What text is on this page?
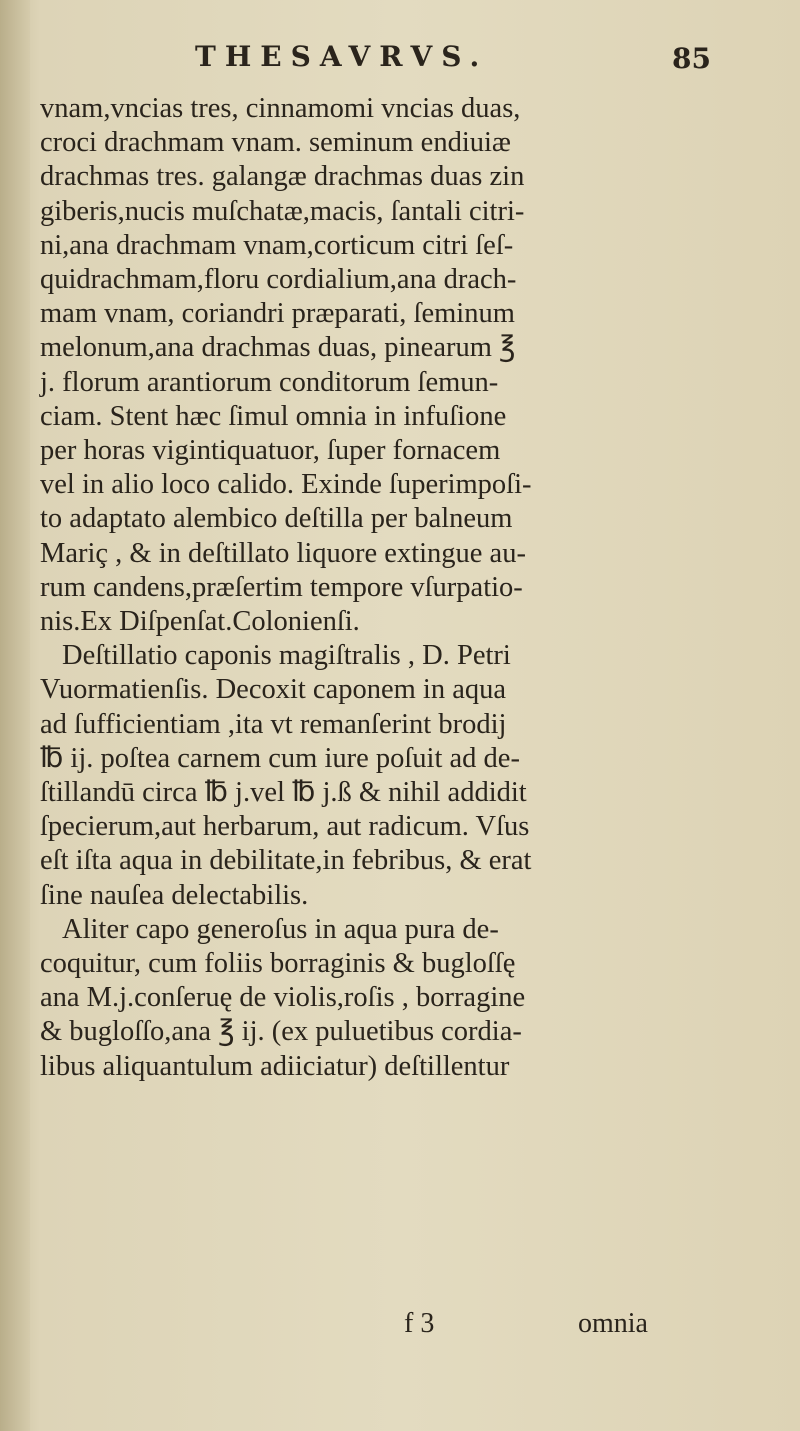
THESAVRVS.	85
vnam,vncias tres, cinnamomi vncias duas,
croci drachmam vnam. seminum endiuiæ
drachmas tres. galangæ drachmas duas zin
giberis,nucis muſchatæ,macis, ſantali citri-
ni,ana drachmam vnam,corticum citri ſeſ-
quidrachmam,floru cordialium,ana drach-
mam vnam, coriandri præparati, ſeminum
melonum,ana drachmas duas, pinearum ℥
j. florum arantiorum conditorum ſemun-
ciam. Stent hæc ſimul omnia in infuſione
per horas vigintiquatuor, ſuper fornacem
vel in alio loco calido. Exinde ſuperimpoſi-
to adaptato alembico deſtilla per balneum
Mariç , & in deſtillato liquore extingue au-
rum candens,præſertim tempore vſurpatio-
nis.Ex Diſpenſat.Colonienſi.
Deſtillatio caponis magiſtralis , D. Petri
Vuormatienſis. Decoxit caponem in aqua
ad ſufficientiam ,ita vt remanſerint brodij
℔ ij. poſtea carnem cum iure poſuit ad de-
ſtillandū circa ℔ j.vel ℔ j.ß & nihil addidit
ſpecierum,aut herbarum, aut radicum. Vſus
eſt iſta aqua in debilitate,in febribus, & erat
ſine nauſea delectabilis.
Aliter capo generoſus in aqua pura de-
coquitur, cum foliis borraginis & bugloſſę
ana M.j.conſeruę de violis,roſis , borragine
& bugloſſo,ana ℥ ij. (ex puluetibus cordia-
libus aliquantulum adiiciatur) deſtillentur
f 3	omnia
